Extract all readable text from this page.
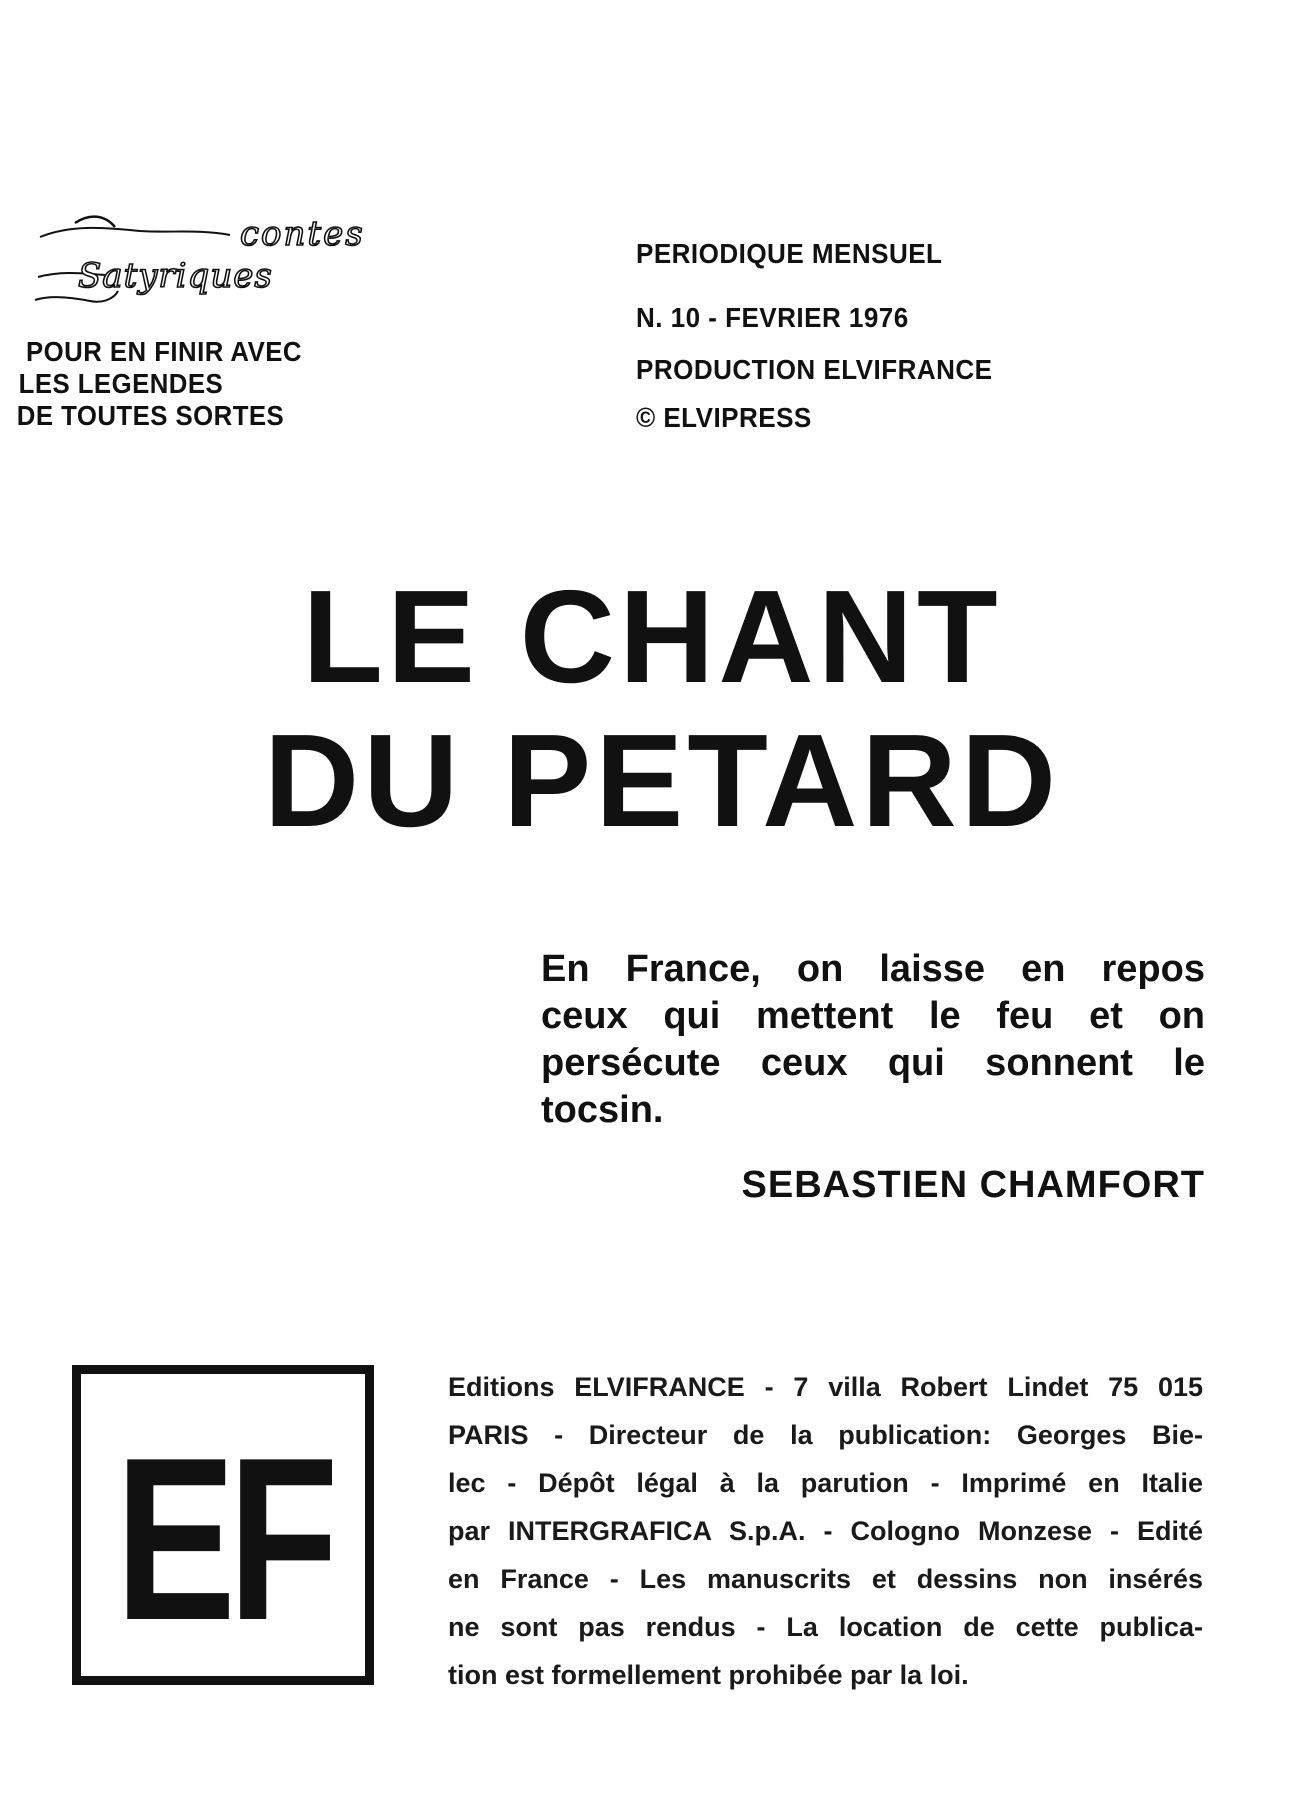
contes
Satyriques
POUR EN FINIR AVEC
LES LEGENDES
DE TOUTES SORTES
PERIODIQUE MENSUEL
N. 10 - FEVRIER 1976
PRODUCTION ELVIFRANCE
© ELVIPRESS
LE CHANT
DU PETARD
En France, on laisse en repos ceux qui mettent le feu et on persécute ceux qui sonnent le tocsin.
SEBASTIEN CHAMFORT
EF
Editions ELVIFRANCE - 7 villa Robert Lindet 75 015
PARIS - Directeur de la publication: Georges Bie-
lec - Dépôt légal à la parution - Imprimé en Italie
par INTERGRAFICA S.p.A. - Cologno Monzese - Edité
en France - Les manuscrits et dessins non insérés
ne sont pas rendus - La location de cette publica-
tion est formellement prohibée par la loi.
